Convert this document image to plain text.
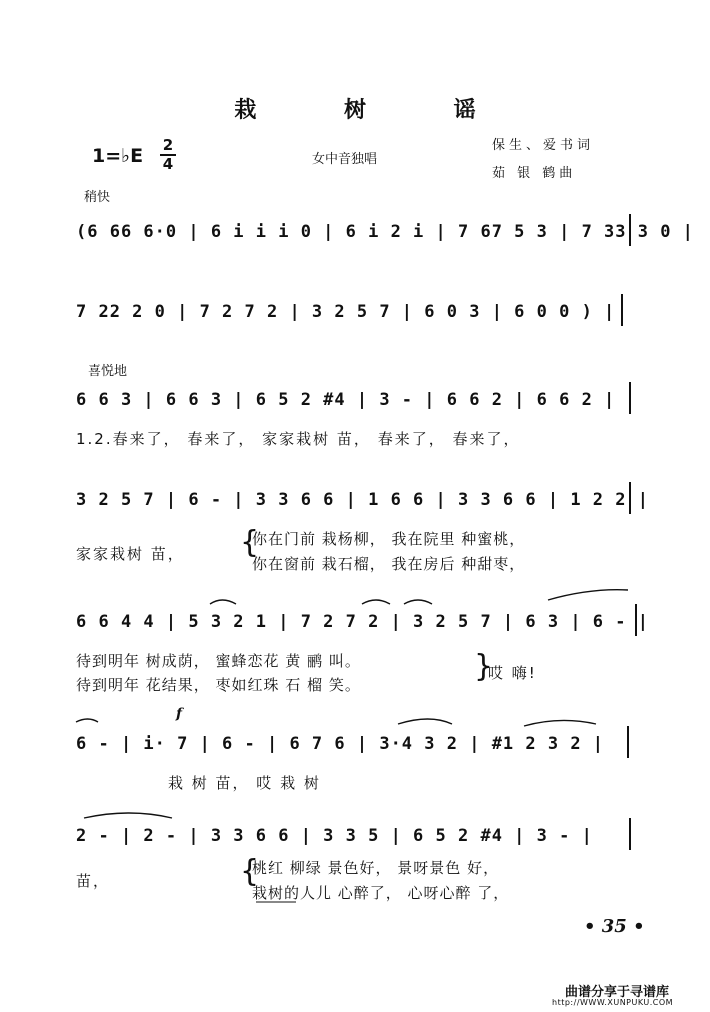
栽 树 谣
1=♭E 2
4	女中音独唱
保生、爱书词
茹 银 鹤曲
稍快
(6 66 6·0 | 6 i i i 0 | 6 i 2 i | 7 67 5 3 | 7 33 3 0 |
7 22 2 0 | 7 2 7 2 | 3 2 5 7 | 6 0 3 | 6 0 0 ) |
喜悦地
6 6 3 | 6 6 3 | 6 5 2 #4 | 3 - | 6 6 2 | 6 6 2 |
1.2.春来了， 春来了， 家家栽树 苗， 春来了， 春来了，
3 2 5 7 | 6 - | 3 3 6 6 | 1 6 6 | 3 3 6 6 | 1 2 2 |
家家栽树 苗，	{
你在门前 栽杨柳， 我在院里 种蜜桃，
你在窗前 栽石榴， 我在房后 种甜枣，
6 6 4 4 | 5 3 2 1 | 7 2 7 2 | 3 2 5 7 | 6 3 | 6 - |
待到明年 树成荫， 蜜蜂恋花 黄 鹂 叫。
待到明年 花结果， 枣如红珠 石 榴 笑。
}
哎 嗨!
f
6 - | i· 7 | 6 - | 6 7 6 | 3·4 3 2 | #1 2 3 2 |
栽 树 苗， 哎 栽 树
2 - | 2 - | 3 3 6 6 | 3 3 5 | 6 5 2 #4 | 3 - |
苗，	{
桃红 柳绿 景色好， 景呀景色 好，
栽树的人儿 心醉了， 心呀心醉 了，
• 35 •
曲谱分享于寻谱库
http://WWW.XUNPUKU.COM
